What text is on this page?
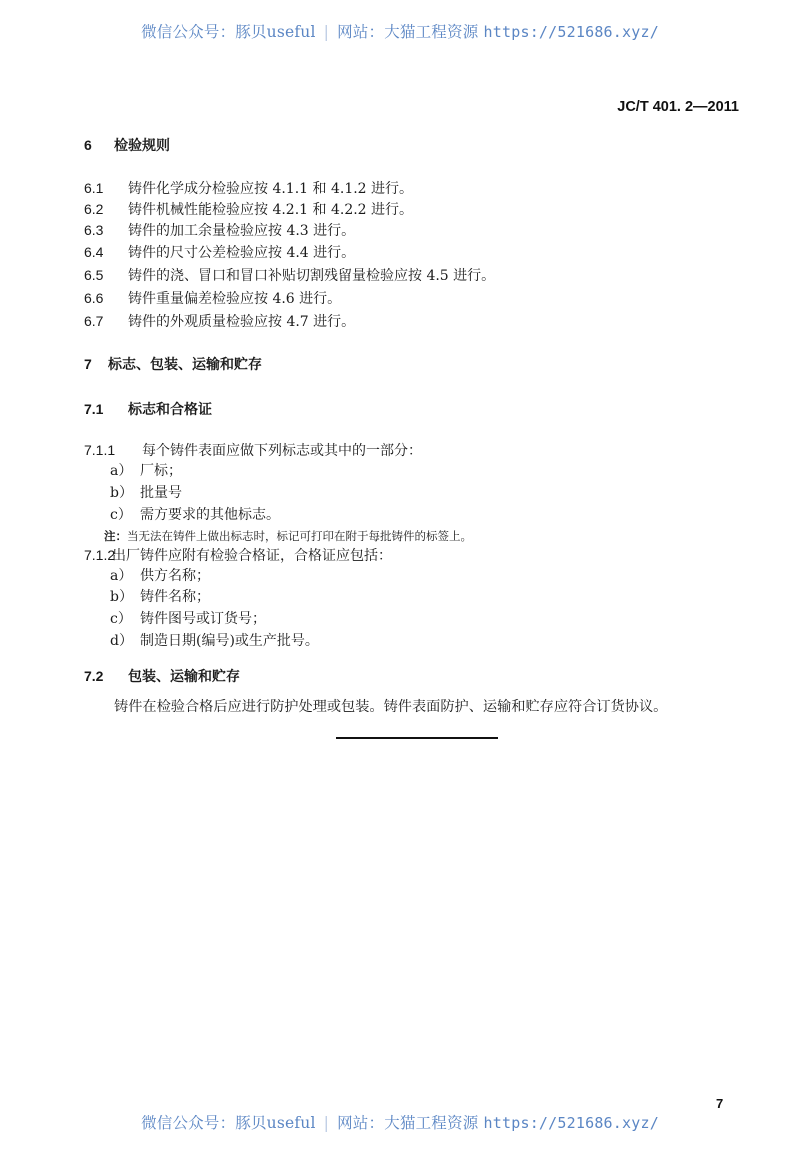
微信公众号：豚贝useful | 网站：大猫工程资源 https://521686.xyz/
JC/T 401. 2—2011
6 检验规则
6.1 铸件化学成分检验应按 4.1.1 和 4.1.2 进行。
6.2 铸件机械性能检验应按 4.2.1 和 4.2.2 进行。
6.3 铸件的加工余量检验应按 4.3 进行。
6.4 铸件的尺寸公差检验应按 4.4 进行。
6.5 铸件的浇、冒口和冒口补贴切割残留量检验应按 4.5 进行。
6.6 铸件重量偏差检验应按 4.6 进行。
6.7 铸件的外观质量检验应按 4.7 进行。
7 标志、包装、运输和贮存
7.1 标志和合格证
7.1.1 每个铸件表面应做下列标志或其中的一部分：
a） 厂标；
b） 批量号
c） 需方要求的其他标志。
注：当无法在铸件上做出标志时，标记可打印在附于每批铸件的标签上。
7.1.2出厂铸件应附有检验合格证，合格证应包括：
a） 供方名称；
b） 铸件名称；
c） 铸件图号或订货号；
d） 制造日期(编号)或生产批号。
7.2 包装、运输和贮存
铸件在检验合格后应进行防护处理或包装。铸件表面防护、运输和贮存应符合订货协议。
7
微信公众号：豚贝useful | 网站：大猫工程资源 https://521686.xyz/
